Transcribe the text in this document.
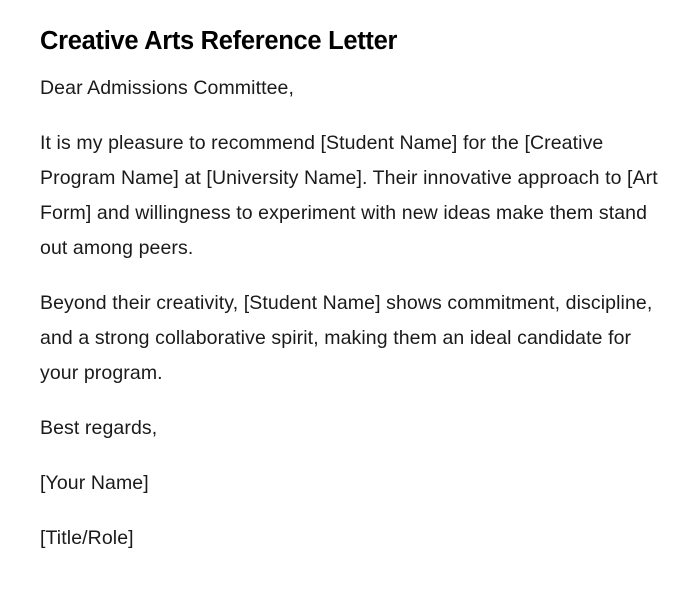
Creative Arts Reference Letter

Dear Admissions Committee,

It is my pleasure to recommend [Student Name] for the [Creative Program Name] at [University Name]. Their innovative approach to [Art Form] and willingness to experiment with new ideas make them stand out among peers.

Beyond their creativity, [Student Name] shows commitment, discipline, and a strong collaborative spirit, making them an ideal candidate for your program.

Best regards,

[Your Name]

[Title/Role]
